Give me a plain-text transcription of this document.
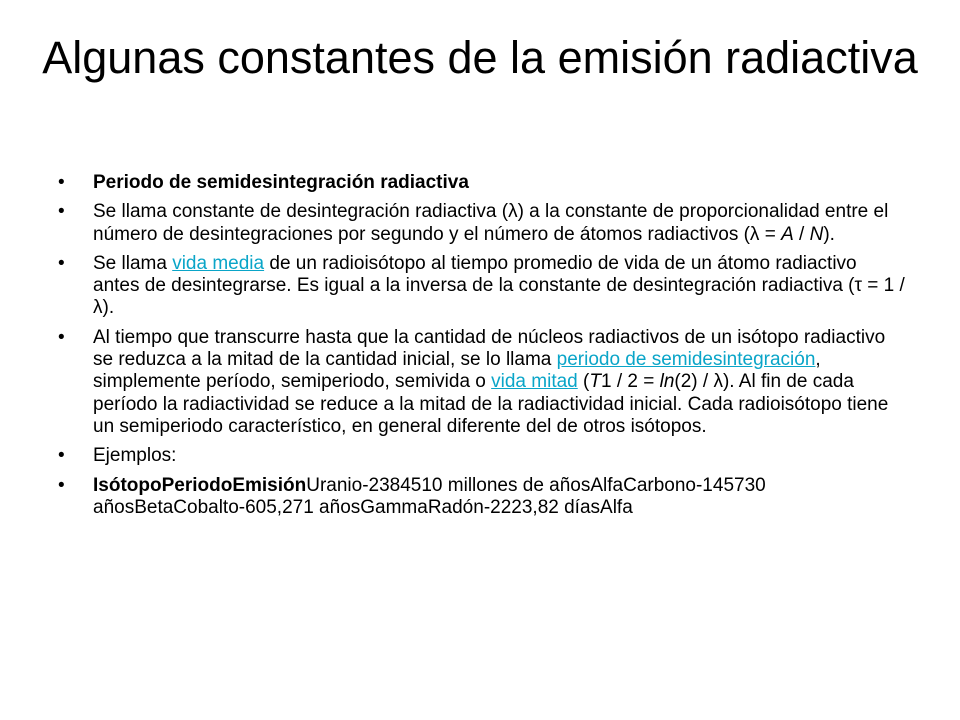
Algunas constantes de la emisión radiactiva
• Periodo de semidesintegración radiactiva
• Se llama constante de desintegración radiactiva (λ) a la constante de proporcionalidad entre el número de desintegraciones por segundo y el número de átomos radiactivos (λ = A / N).
• Se llama vida media de un radioisótopo al tiempo promedio de vida de un átomo radiactivo antes de desintegrarse. Es igual a la inversa de la constante de desintegración radiactiva (τ = 1 / λ).
• Al tiempo que transcurre hasta que la cantidad de núcleos radiactivos de un isótopo radiactivo se reduzca a la mitad de la cantidad inicial, se lo llama periodo de semidesintegración, simplemente período, semiperiodo, semivida o vida mitad (T1 / 2 = ln(2) / λ). Al fin de cada período la radiactividad se reduce a la mitad de la radiactividad inicial. Cada radioisótopo tiene un semiperiodo característico, en general diferente del de otros isótopos.
• Ejemplos:
• IsótopoPeriodoEmisiónUranio-2384510 millones de añosAlfaCarbono-145730 añosBetaCobalto-605,271 añosGammaRadón-2223,82 díasAlfa
